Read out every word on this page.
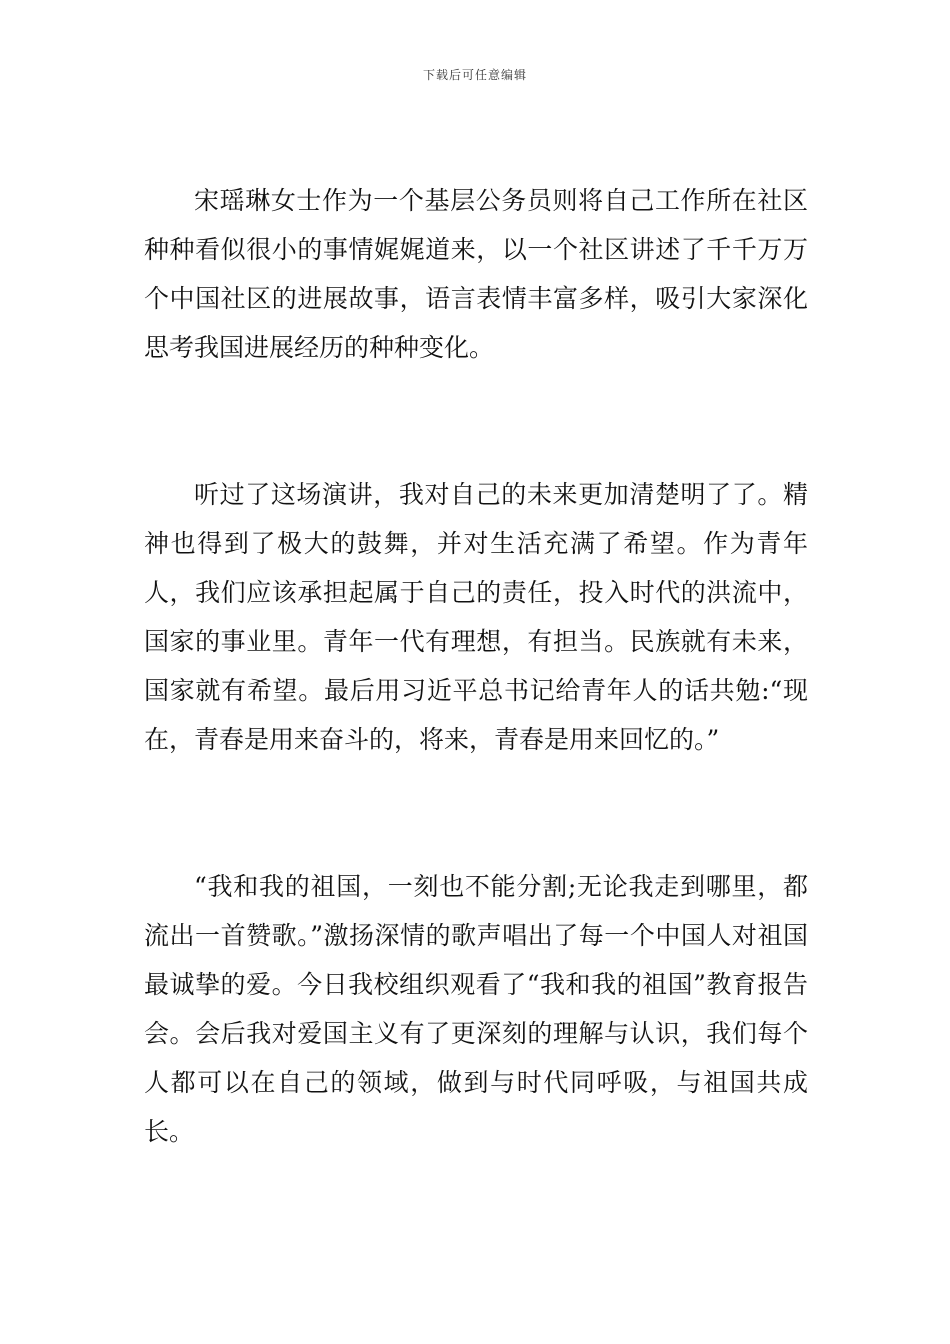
下载后可任意编辑

宋瑶琳女士作为一个基层公务员则将自己工作所在社区种种看似很小的事情娓娓道来，以一个社区讲述了千千万万个中国社区的进展故事，语言表情丰富多样，吸引大家深化思考我国进展经历的种种变化。

听过了这场演讲，我对自己的未来更加清楚明了了。精神也得到了极大的鼓舞，并对生活充满了希望。作为青年人，我们应该承担起属于自己的责任，投入时代的洪流中，国家的事业里。青年一代有理想，有担当。民族就有未来，国家就有希望。最后用习近平总书记给青年人的话共勉:“现在，青春是用来奋斗的，将来，青春是用来回忆的。”

“我和我的祖国，一刻也不能分割;无论我走到哪里，都流出一首赞歌。”激扬深情的歌声唱出了每一个中国人对祖国最诚挚的爱。今日我校组织观看了“我和我的祖国”教育报告会。会后我对爱国主义有了更深刻的理解与认识，我们每个人都可以在自己的领域，做到与时代同呼吸，与祖国共成长。
